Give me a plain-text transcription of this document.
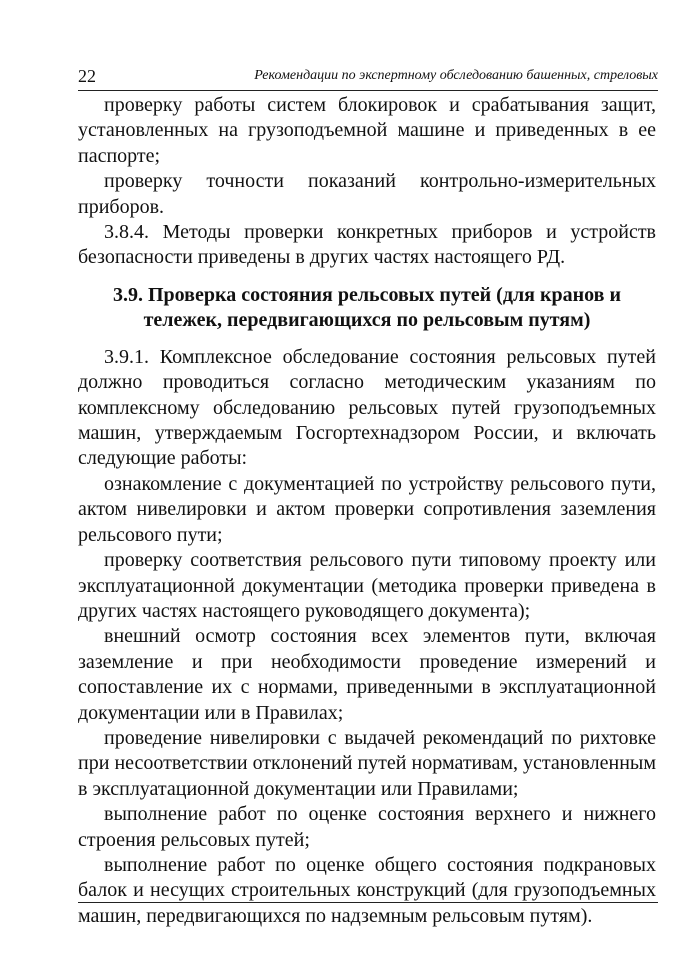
22	Рекомендации по экспертному обследованию башенных, стреловых

проверку работы систем блокировок и срабатывания защит, установленных на грузоподъемной машине и приведенных в ее паспорте;

проверку точности показаний контрольно-измерительных приборов.

3.8.4. Методы проверки конкретных приборов и устройств безопасности приведены в других частях настоящего РД.

3.9. Проверка состояния рельсовых путей (для кранов и тележек, передвигающихся по рельсовым путям)

3.9.1. Комплексное обследование состояния рельсовых путей должно проводиться согласно методическим указаниям по комплексному обследованию рельсовых путей грузоподъемных машин, утверждаемым Госгортехнадзором России, и включать следующие работы:

ознакомление с документацией по устройству рельсового пути, актом нивелировки и актом проверки сопротивления заземления рельсового пути;

проверку соответствия рельсового пути типовому проекту или эксплуатационной документации (методика проверки приведена в других частях настоящего руководящего документа);

внешний осмотр состояния всех элементов пути, включая заземление и при необходимости проведение измерений и сопоставление их с нормами, приведенными в эксплуатационной документации или в Правилах;

проведение нивелировки с выдачей рекомендаций по рихтовке при несоответствии отклонений путей нормативам, установленным в эксплуатационной документации или Правилами;

выполнение работ по оценке состояния верхнего и нижнего строения рельсовых путей;

выполнение работ по оценке общего состояния подкрановых балок и несущих строительных конструкций (для грузоподъемных машин, передвигающихся по надземным рельсовым путям).
